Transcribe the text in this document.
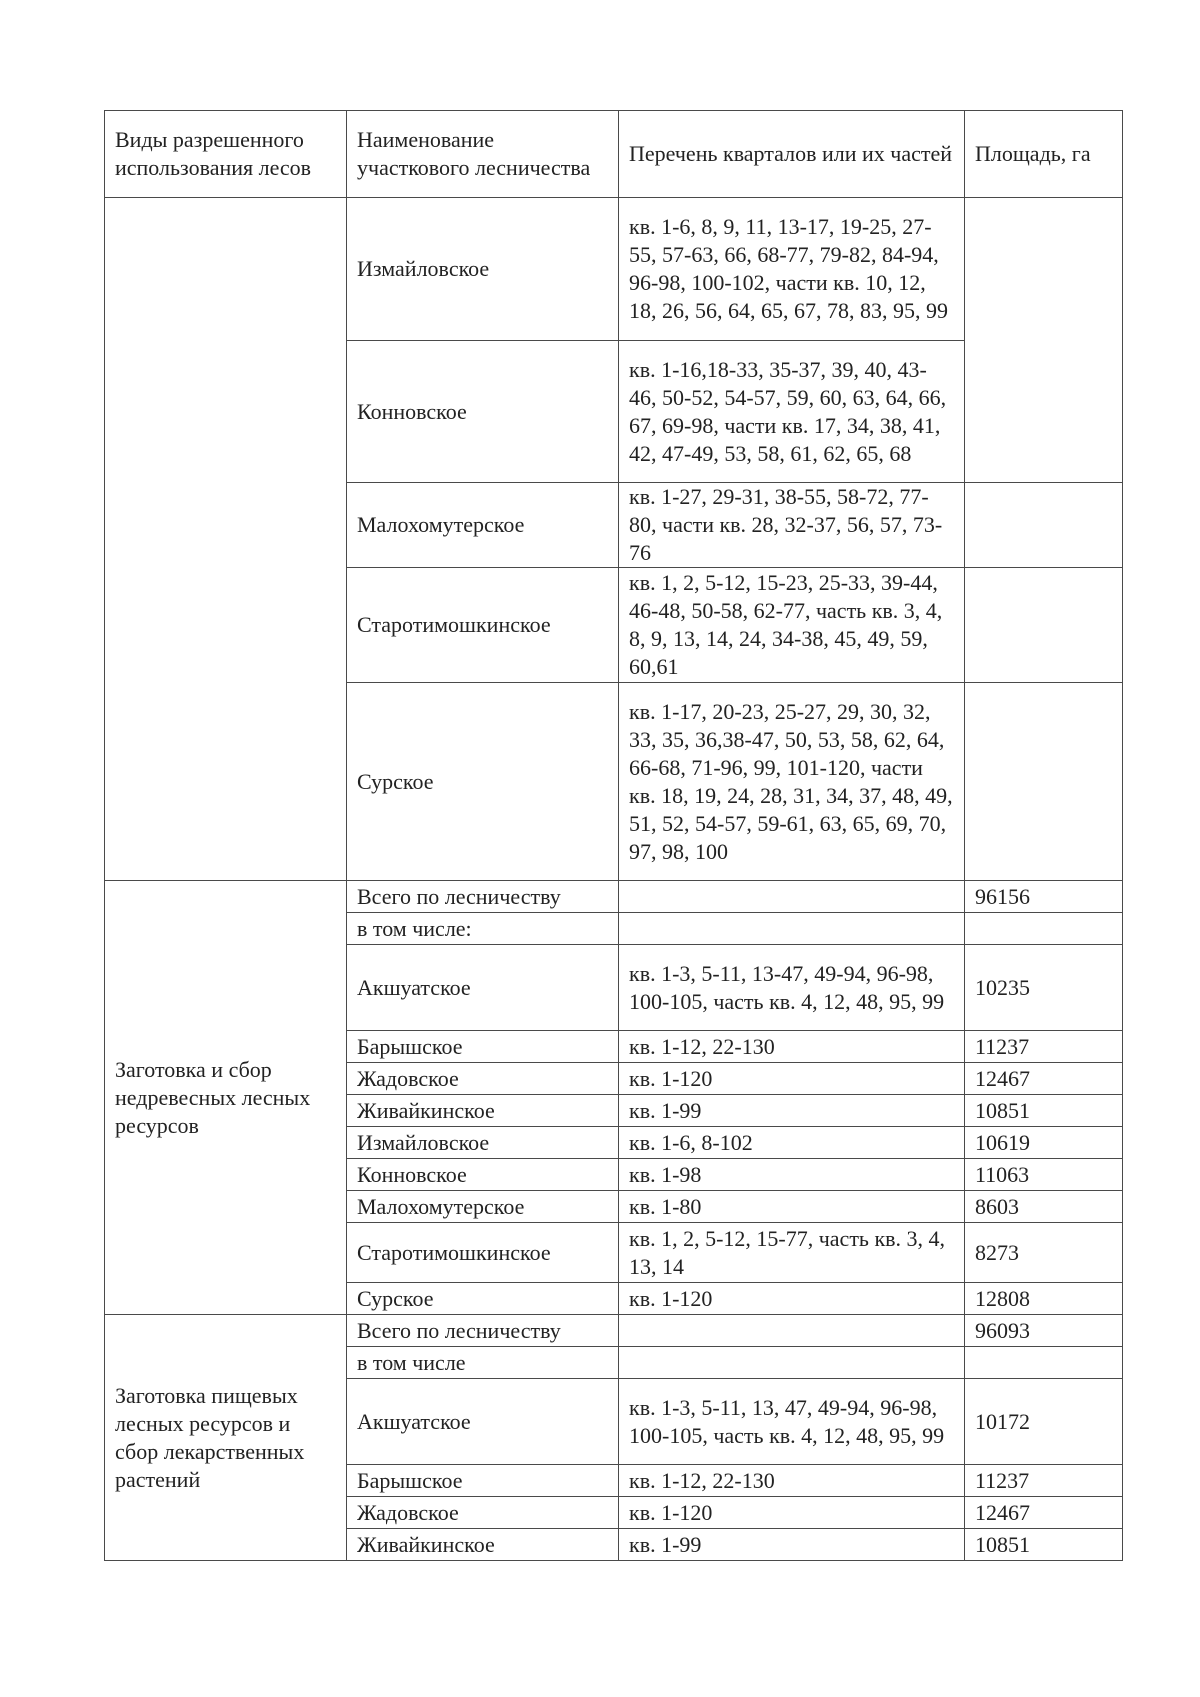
Виды разрешенного использования лесов	Наименование участкового лесничества	Перечень кварталов или их частей	Площадь, га
	Измайловское	кв. 1-6, 8, 9, 11, 13-17, 19-25, 27-55, 57-63, 66, 68-77, 79-82, 84-94, 96-98, 100-102, части кв. 10, 12, 18, 26, 56, 64, 65, 67, 78, 83, 95, 99	
	Конновское	кв. 1-16,18-33, 35-37, 39, 40, 43-46, 50-52, 54-57, 59, 60, 63, 64, 66, 67, 69-98, части кв. 17, 34, 38, 41, 42, 47-49, 53, 58, 61, 62, 65, 68	
	Малохомутерское	кв. 1-27, 29-31, 38-55, 58-72, 77-80, части кв. 28, 32-37, 56, 57, 73-76	
	Старотимошкинское	кв. 1, 2, 5-12, 15-23, 25-33, 39-44, 46-48, 50-58, 62-77, часть кв. 3, 4, 8, 9, 13, 14, 24, 34-38, 45, 49, 59, 60,61	
	Сурское	кв. 1-17, 20-23, 25-27, 29, 30, 32, 33, 35, 36,38-47, 50, 53, 58, 62, 64, 66-68, 71-96, 99, 101-120, части кв. 18, 19, 24, 28, 31, 34, 37, 48, 49, 51, 52, 54-57, 59-61, 63, 65, 69, 70, 97, 98, 100	
Заготовка и сбор недревесных лесных ресурсов	Всего по лесничеству		96156
	в том числе:		
	Акшуатское	кв. 1-3, 5-11, 13-47, 49-94, 96-98, 100-105, часть кв. 4, 12, 48, 95, 99	10235
	Барышское	кв. 1-12, 22-130	11237
	Жадовское	кв. 1-120	12467
	Живайкинское	кв. 1-99	10851
	Измайловское	кв. 1-6, 8-102	10619
	Конновское	кв. 1-98	11063
	Малохомутерское	кв. 1-80	8603
	Старотимошкинское	кв. 1, 2, 5-12, 15-77, часть кв. 3, 4, 13, 14	8273
	Сурское	кв. 1-120	12808
Заготовка пищевых лесных ресурсов и сбор лекарственных растений	Всего по лесничеству		96093
	в том числе		
	Акшуатское	кв. 1-3, 5-11, 13, 47, 49-94, 96-98, 100-105, часть кв. 4, 12, 48, 95, 99	10172
	Барышское	кв. 1-12, 22-130	11237
	Жадовское	кв. 1-120	12467
	Живайкинское	кв. 1-99	10851
